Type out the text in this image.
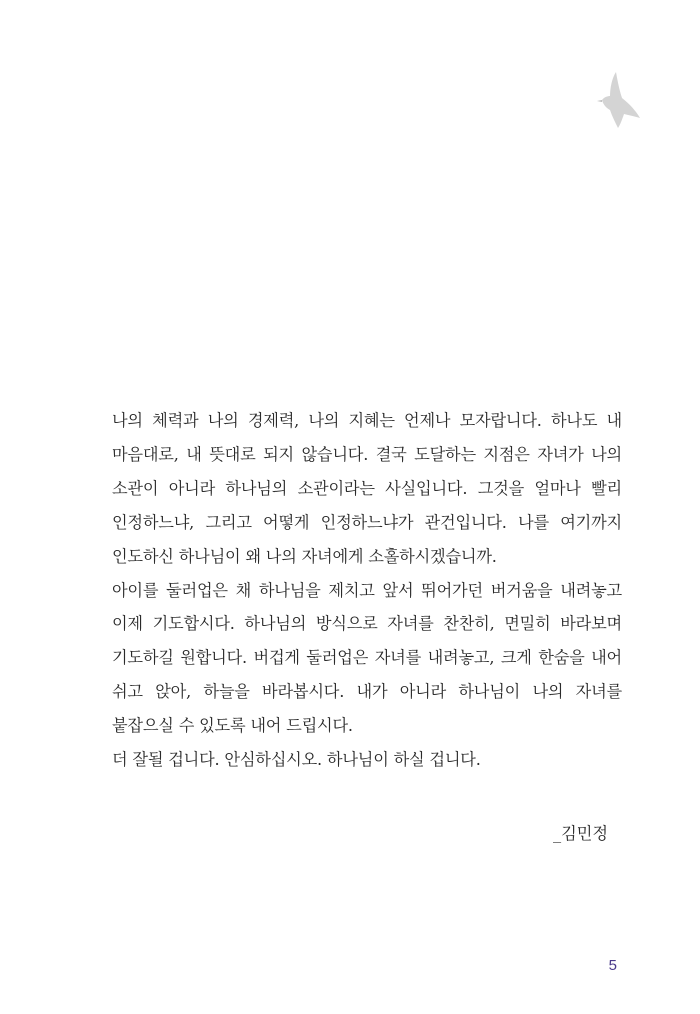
나의 체력과 나의 경제력, 나의 지혜는 언제나 모자랍니다. 하나도 내 마음대로, 내 뜻대로 되지 않습니다. 결국 도달하는 지점은 자녀가 나의 소관이 아니라 하나님의 소관이라는 사실입니다. 그것을 얼마나 빨리 인정하느냐, 그리고 어떻게 인정하느냐가 관건입니다. 나를 여기까지 인도하신 하나님이 왜 나의 자녀에게 소홀하시겠습니까.

아이를 둘러업은 채 하나님을 제치고 앞서 뛰어가던 버거움을 내려놓고 이제 기도합시다. 하나님의 방식으로 자녀를 찬찬히, 면밀히 바라보며 기도하길 원합니다. 버겁게 둘러업은 자녀를 내려놓고, 크게 한숨을 내어 쉬고 앉아, 하늘을 바라봅시다. 내가 아니라 하나님이 나의 자녀를 붙잡으실 수 있도록 내어 드립시다.

더 잘될 겁니다. 안심하십시오. 하나님이 하실 겁니다.

_김민정
5
